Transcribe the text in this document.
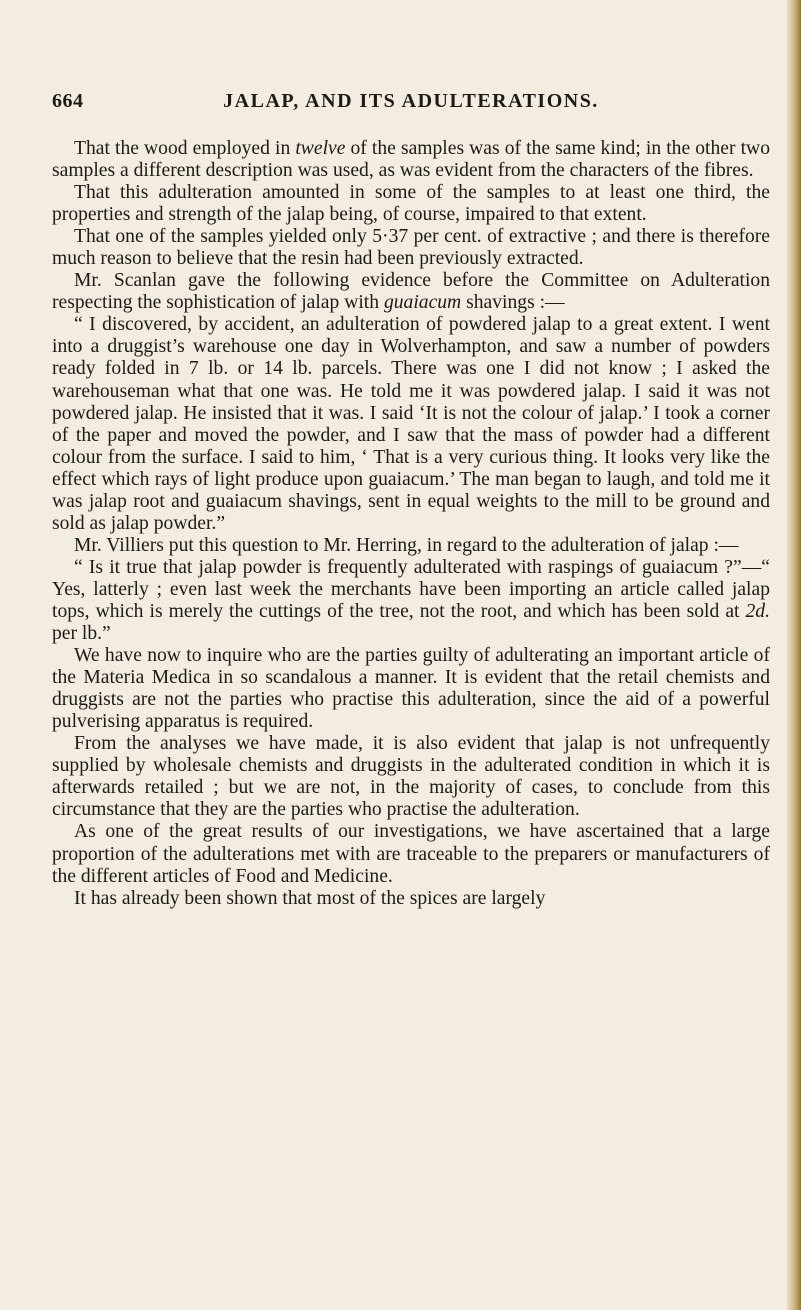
664	JALAP, AND ITS ADULTERATIONS.

That the wood employed in twelve of the samples was of the same kind; in the other two samples a different description was used, as was evident from the characters of the fibres.

That this adulteration amounted in some of the samples to at least one third, the properties and strength of the jalap being, of course, impaired to that extent.

That one of the samples yielded only 5·37 per cent. of extractive ; and there is therefore much reason to believe that the resin had been previously extracted.

Mr. Scanlan gave the following evidence before the Committee on Adulteration respecting the sophistication of jalap with guaiacum shavings :—

“ I discovered, by accident, an adulteration of powdered jalap to a great extent. I went into a druggist’s warehouse one day in Wolverhampton, and saw a number of powders ready folded in 7 lb. or 14 lb. parcels. There was one I did not know ; I asked the warehouseman what that one was. He told me it was powdered jalap. I said it was not powdered jalap. He insisted that it was. I said ‘It is not the colour of jalap.’ I took a corner of the paper and moved the powder, and I saw that the mass of powder had a different colour from the surface. I said to him, ‘ That is a very curious thing. It looks very like the effect which rays of light produce upon guaiacum.’ The man began to laugh, and told me it was jalap root and guaiacum shavings, sent in equal weights to the mill to be ground and sold as jalap powder.”

Mr. Villiers put this question to Mr. Herring, in regard to the adulteration of jalap :—

“ Is it true that jalap powder is frequently adulterated with raspings of guaiacum ?”—“ Yes, latterly ; even last week the merchants have been importing an article called jalap tops, which is merely the cuttings of the tree, not the root, and which has been sold at 2d. per lb.”

We have now to inquire who are the parties guilty of adulterating an important article of the Materia Medica in so scandalous a manner. It is evident that the retail chemists and druggists are not the parties who practise this adulteration, since the aid of a powerful pulverising apparatus is required.

From the analyses we have made, it is also evident that jalap is not unfrequently supplied by wholesale chemists and druggists in the adulterated condition in which it is afterwards retailed ; but we are not, in the majority of cases, to conclude from this circumstance that they are the parties who practise the adulteration.

As one of the great results of our investigations, we have ascertained that a large proportion of the adulterations met with are traceable to the preparers or manufacturers of the different articles of Food and Medicine.

It has already been shown that most of the spices are largely
